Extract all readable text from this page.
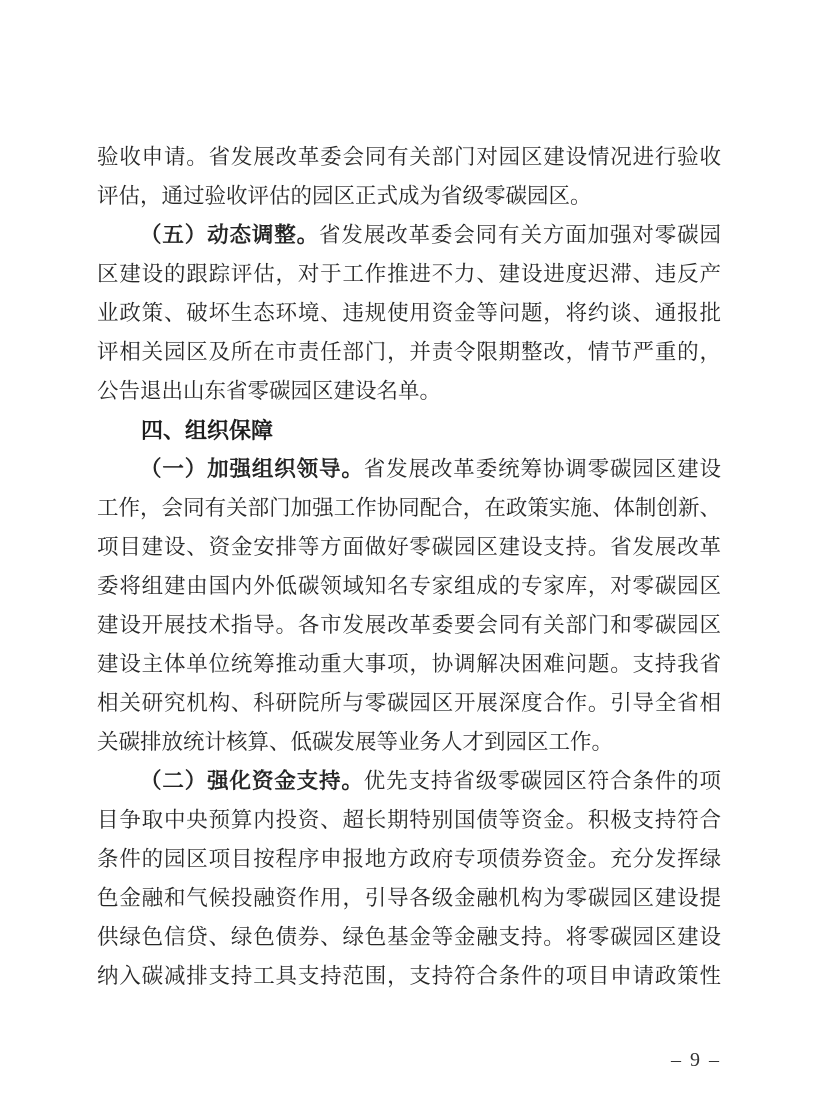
验收申请。省发展改革委会同有关部门对园区建设情况进行验收
评估，通过验收评估的园区正式成为省级零碳园区。
（五）动态调整。省发展改革委会同有关方面加强对零碳园
区建设的跟踪评估，对于工作推进不力、建设进度迟滞、违反产
业政策、破坏生态环境、违规使用资金等问题，将约谈、通报批
评相关园区及所在市责任部门，并责令限期整改，情节严重的，
公告退出山东省零碳园区建设名单。
四、组织保障
（一）加强组织领导。省发展改革委统筹协调零碳园区建设
工作，会同有关部门加强工作协同配合，在政策实施、体制创新、
项目建设、资金安排等方面做好零碳园区建设支持。省发展改革
委将组建由国内外低碳领域知名专家组成的专家库，对零碳园区
建设开展技术指导。各市发展改革委要会同有关部门和零碳园区
建设主体单位统筹推动重大事项，协调解决困难问题。支持我省
相关研究机构、科研院所与零碳园区开展深度合作。引导全省相
关碳排放统计核算、低碳发展等业务人才到园区工作。
（二）强化资金支持。优先支持省级零碳园区符合条件的项
目争取中央预算内投资、超长期特别国债等资金。积极支持符合
条件的园区项目按程序申报地方政府专项债券资金。充分发挥绿
色金融和气候投融资作用，引导各级金融机构为零碳园区建设提
供绿色信贷、绿色债券、绿色基金等金融支持。将零碳园区建设
纳入碳减排支持工具支持范围，支持符合条件的项目申请政策性
– 9 –
